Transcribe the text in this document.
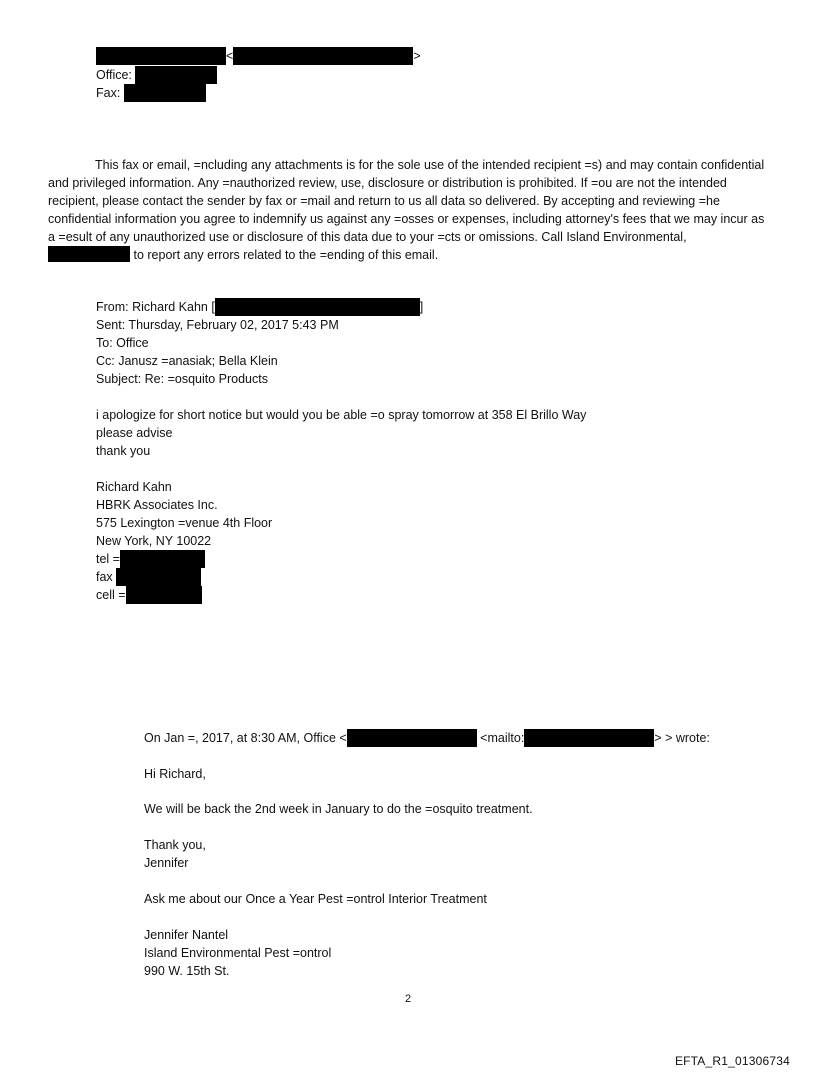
<	>
Office:
Fax:
This fax or email, =ncluding any attachments is for the sole use of the intended recipient =s) and may contain confidential and privileged information. Any =nauthorized review, use, disclosure or distribution is prohibited. If =ou are not the intended recipient, please contact the sender by fax or =mail and return to us all data so delivered. By accepting and reviewing =he confidential information you agree to indemnify us against any =osses or expenses, including attorney's fees that we may incur as a =esult of any unauthorized use or disclosure of this data due to your =cts or omissions. Call Island Environmental,  to report any errors related to the =ending of this email.
From: Richard Kahn [	]
Sent: Thursday, February 02, 2017 5:43 PM
To: Office
Cc: Janusz =anasiak; Bella Klein
Subject: Re: =osquito Products
i apologize for short notice but would you be able =o spray tomorrow at 358 El Brillo Way
please advise
thank you
Richard Kahn
HBRK Associates Inc.
575 Lexington =venue 4th Floor
New York, NY 10022
tel =
fax
cell =
On Jan =, 2017, at 8:30 AM, Office <	<mailto:	> > wrote:
Hi Richard,
We will be back the 2nd week in January to do the =osquito treatment.
Thank you,
Jennifer
Ask me about our Once a Year Pest =ontrol Interior Treatment
Jennifer Nantel
Island Environmental Pest =ontrol
990 W. 15th St.
2
EFTA_R1_01306734
